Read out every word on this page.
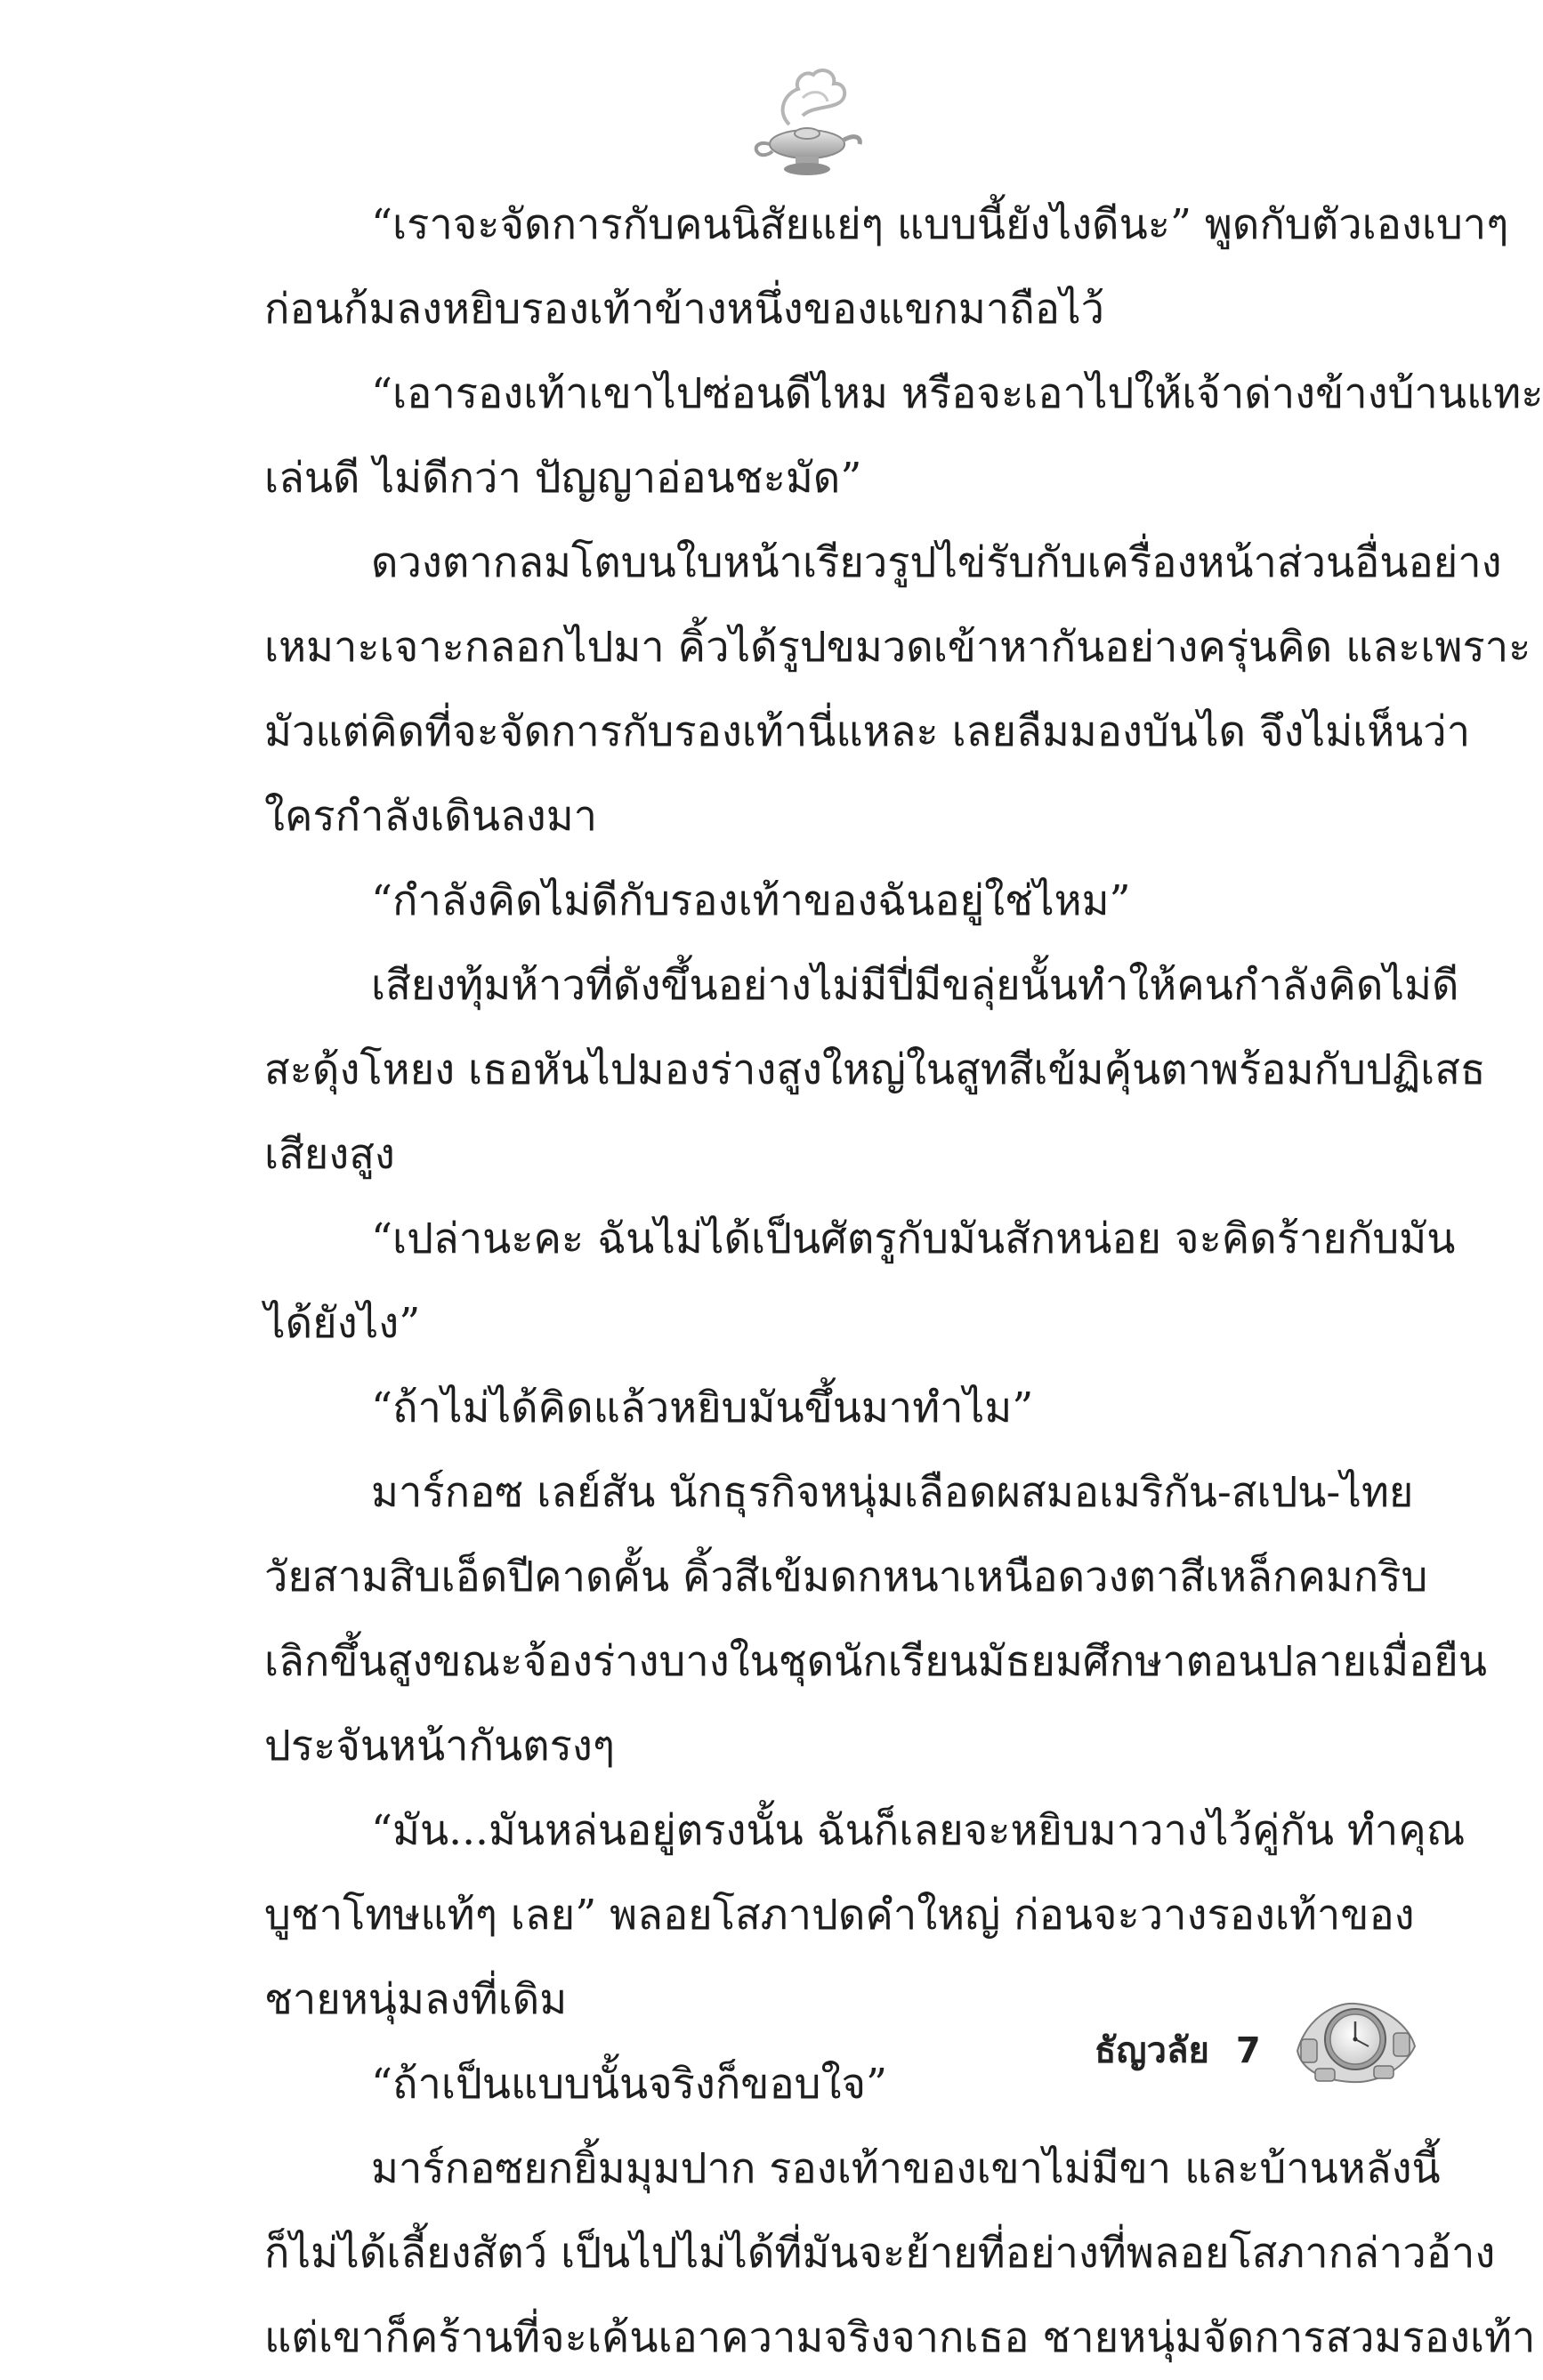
“เราจะจัดการกับคนนิสัยแย่ๆ แบบนี้ยังไงดีนะ” พูดกับตัวเองเบาๆ
ก่อนก้มลงหยิบรองเท้าข้างหนึ่งของแขกมาถือไว้
“เอารองเท้าเขาไปซ่อนดีไหม หรือจะเอาไปให้เจ้าด่างข้างบ้านแทะ
เล่นดี ไม่ดีกว่า ปัญญาอ่อนชะมัด”
ดวงตากลมโตบนใบหน้าเรียวรูปไข่รับกับเครื่องหน้าส่วนอื่นอย่าง
เหมาะเจาะกลอกไปมา คิ้วได้รูปขมวดเข้าหากันอย่างครุ่นคิด และเพราะ
มัวแต่คิดที่จะจัดการกับรองเท้านี่แหละ เลยลืมมองบันได จึงไม่เห็นว่า
ใครกำลังเดินลงมา
“กำลังคิดไม่ดีกับรองเท้าของฉันอยู่ใช่ไหม”
เสียงทุ้มห้าวที่ดังขึ้นอย่างไม่มีปี่มีขลุ่ยนั้นทำให้คนกำลังคิดไม่ดี
สะดุ้งโหยง เธอหันไปมองร่างสูงใหญ่ในสูทสีเข้มคุ้นตาพร้อมกับปฏิเสธ
เสียงสูง
“เปล่านะคะ ฉันไม่ได้เป็นศัตรูกับมันสักหน่อย จะคิดร้ายกับมัน
ได้ยังไง”
“ถ้าไม่ได้คิดแล้วหยิบมันขึ้นมาทำไม”
มาร์กอซ เลย์สัน นักธุรกิจหนุ่มเลือดผสมอเมริกัน-สเปน-ไทย
วัยสามสิบเอ็ดปีคาดคั้น คิ้วสีเข้มดกหนาเหนือดวงตาสีเหล็กคมกริบ
เลิกขึ้นสูงขณะจ้องร่างบางในชุดนักเรียนมัธยมศึกษาตอนปลายเมื่อยืน
ประจันหน้ากันตรงๆ
“มัน...มันหล่นอยู่ตรงนั้น ฉันก็เลยจะหยิบมาวางไว้คู่กัน ทำคุณ
บูชาโทษแท้ๆ เลย” พลอยโสภาปดคำใหญ่ ก่อนจะวางรองเท้าของ
ชายหนุ่มลงที่เดิม
“ถ้าเป็นแบบนั้นจริงก็ขอบใจ”
มาร์กอซยกยิ้มมุมปาก รองเท้าของเขาไม่มีขา และบ้านหลังนี้
ก็ไม่ได้เลี้ยงสัตว์ เป็นไปไม่ได้ที่มันจะย้ายที่อย่างที่พลอยโสภากล่าวอ้าง
แต่เขาก็คร้านที่จะเค้นเอาความจริงจากเธอ ชายหนุ่มจัดการสวมรองเท้า
ธัญวลัย 7
